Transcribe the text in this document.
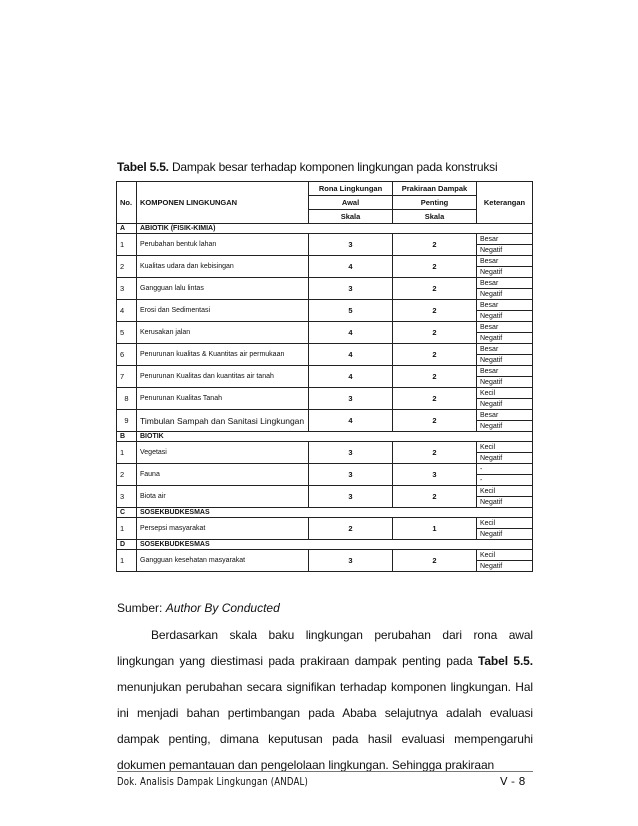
Tabel 5.5. Dampak besar terhadap komponen lingkungan pada konstruksi
No.	KOMPONEN LINGKUNGAN	Rona Lingkungan	Prakiraan Dampak	Keterangan
		Awal	Penting	
		Skala	Skala	
A	ABIOTIK (FISIK-KIMIA)			
1	Perubahan bentuk lahan	3	2	Besar
				Negatif
2	Kualitas udara dan kebisingan	4	2	Besar
				Negatif
3	Gangguan lalu lintas	3	2	Besar
				Negatif
4	Erosi dan Sedimentasi	5	2	Besar
				Negatif
5	Kerusakan jalan	4	2	Besar
				Negatif
6	Penurunan kualitas & Kuantitas air permukaan	4	2	Besar
				Negatif
7	Penurunan Kualitas dan kuantitas air tanah	4	2	Besar
				Negatif
8	Penurunan Kualitas Tanah	3	2	Kecil
				Negatif
9	Timbulan Sampah dan Sanitasi Lingkungan	4	2	Besar
				Negatif
B	BIOTIK			
1	Vegetasi	3	2	Kecil
				Negatif
2	Fauna	3	3	-
				-
3	Biota air	3	2	Kecil
				Negatif
C	SOSEKBUDKESMAS			
1	Persepsi masyarakat	2	1	Kecil
				Negatif
D	SOSEKBUDKESMAS			
1	Gangguan kesehatan masyarakat	3	2	Kecil
				Negatif
Sumber: Author By Conducted
Berdasarkan skala baku lingkungan perubahan dari rona awal lingkungan yang diestimasi pada prakiraan dampak penting pada Tabel 5.5. menunjukan perubahan secara signifikan terhadap komponen lingkungan. Hal ini menjadi bahan pertimbangan pada Ababa selajutnya adalah evaluasi dampak penting, dimana keputusan pada hasil evaluasi mempengaruhi dokumen pemantauan dan pengelolaan lingkungan. Sehingga prakiraan
Dok. Analisis Dampak Lingkungan (ANDAL)	V - 8
